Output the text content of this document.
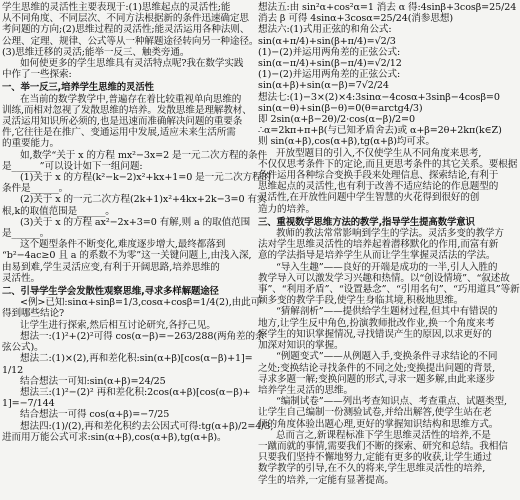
学生思维的灵活性主要表现于:(1)思维起点的灵活性;能
从不同角度、不同层次、不同方法根据新的条件迅速确定思
考问题的方向;(2)思维过程的灵活性;能灵活运用各种法则、
公理、定理、规律、公式等从一种解题途径转向另一种途径。
(3)思维迁移的灵活;能举一反三、触类旁通。
如何使更多的学生思维具有灵活特点呢?我在数学实践
中作了一些探索:
一、举一反三,培养学生思维的灵活性
在当前的数学教学中,普遍存在着比较重视单向思维的
训练,而相对忽视了发散思维的培养。发散思维是理解教材、
灵活运用知识所必须的,也是迅速而准确解决问题的重要条
件,它往往是在推广、变通运用中发展,适应未来生活所需
的重要能力。
如,数学“关于 x 的方程 mx²−3x=2 是一元二次方程的条件
是______”可以设计如下一组问题:
(1)关于 x 的方程(k²−k−2)x²+kx+1=0 是一元二次方程的
条件是______。
(2)关于 x 的一元二次方程(2k+1)x²+4kx+2k−3=0 有实
根,k的取值范围是______。
(3)关于 x 的方程 ax²−2x+3=0 有解,则 a 的取值范围
是______。
这个题型条件不断变化,难度逐步增大,最终都落到
“b²−4ac≥0 且 a 的系数不为零”这一关键问题上,由浅入深,
由易到难,学生灵活应变,有利于开阔思路,培养思维的
灵活性。
二、引导学生学会发散性观察思维,寻求多样解题途径
<例>已知:sinα+sinβ=1/3,cosα+cosβ=1/4(2),由此可
得到哪些结论?
让学生进行探索,然后相互讨论研究,各抒己见。
想法一:(1)²+(2)²可得 cos(α−β)=−263/288(两角差的余
弦公式)。
想法二:(1)×(2),再和差化积:sin(α+β)[cos(α−β)+1]=
1/12
结合想法一可知:sin(α+β)=24/25
想法三:(1)²−(2)² 再和差化积:2cos(α+β)[cos(α−β)+
1]=−7/144
结合想法一可得 cos(α+β)=−7/25
想法四:(1)/(2),再和差化积约去公因式可得:tg(α+β)/2=4/3,
进而用万能公式可求:sin(α+β),cos(α+β),tg(α+β)。
想法五:由 sin²α+cos²α=1 消去 α 得:4sinβ+3cosβ=25/24
消去 β 可得 4sinα+3cosα=25/24(消参思想)
想法六:(1)式用正弦的和角公式:
sin(α+π/4)+sin(β+π/4)=√2/3
(1)−(2)并运用两角差的正弦公式:
sin(α−π/4)+sin(β−π/4)=√2/12
(1)−(2)并运用两角差的正弦公式:
sin(α+β)+sin(α−β)=7√2/24
想法七:(1)−3×(2)×4:3sinα−4cosα+3sinβ−4cosβ=0
sin(α−θ)+sin(β−θ)=0(θ=arctg4/3)
即 2sin(α+β−2θ)/2·cos(α−β)/2=0
∴α=2kπ+π+β(与已知矛盾舍去)或 α+β=2θ+2kπ(k∈Z)
则 sin(α+β),cos(α+β),tg(α+β)均可求。
开放型题目的引入,不仅使学生从不同角度来思考,
不仅仅思考条件下的定论,而且更思考条件的其它关系。要根据
条件运用各种综合变换手段来处理信息、探索结论,有利于
思维起点的灵活性,也有利于改善不适应结论的作息题型的
灵活性,在开放性问题中学生智慧的火花得到很好的创
造力的培养。
三、重视数学思维方法的教学,指导学生提高数学意识
教师的教法常常影响到学生的学法。灵活多变的教学方
法对学生思维灵活性的培养起着潜移默化的作用,而富有新
意的学法指导是培养学生从而让学生掌握灵活法的学法。
“导入生趣”——良好的开端是成功的一半,引人入胜的
教学导入可以激发学习兴趣和热情。以“创设情境”、“叙述故
事”、“利用矛盾”、“设置悬念”、“引用名句”、“巧用道具”等新
颖多变的教学手段,使学生身临其境,积极地思维。
“猜解剖析”——提供给学生题材过程,但其中有错误的
地方,让学生反中角色,扮演教师批改作业,换一个角度来考
察学生的知识掌握情况,寻找错误产生的原因,以求更好的
加深对知识的掌握。
“例题变式”——从例题入手,变换条件寻求结论的不同
之处;变换结论寻找条件的不同之处;变换提出问题的背景,
寻求多题一解;变换问题的形式,寻求一题多解,由此来逐步
培养学生灵活的思维。
“编制试卷”——列出考查知识点、考查重点、试题类型,
让学生自己编制一份测验试卷,并给出解答,使学生站在老
师的角度体验出题心理,更好的掌握知识结构和思维方式。
总而言之,新课程标准下学生思维灵活性的培养,不是
一蹴而就的事情,需要我们不断的探索、研究和总结。我相信
只要我们坚持不懈地努力,定能有更多的收获,让学生通过
数学教学的引导,在不久的将来,学生思维灵活性的培养,
学生的培养,一定能有显著提高。
